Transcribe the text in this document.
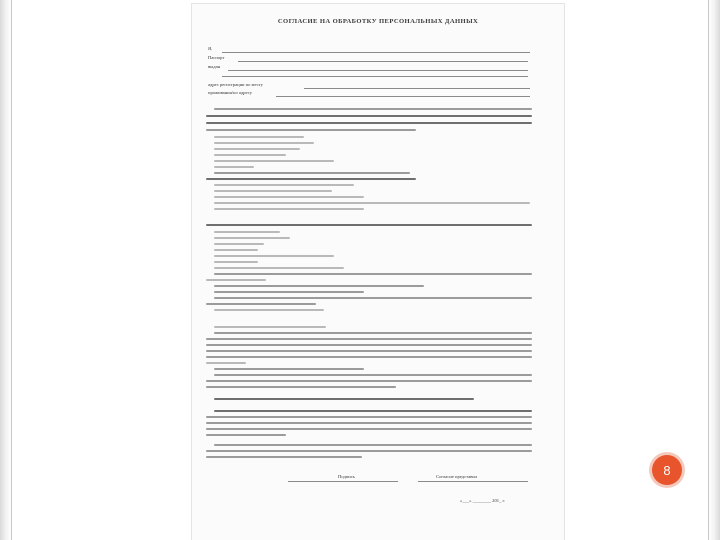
СОГЛАСИЕ НА ОБРАБОТКУ ПЕРСОНАЛЬНЫХ ДАННЫХ
Я,
Паспорт
выдан
адрес регистрации по месту
проживания/по адресу
Подпись	Согласие представил
«___» ________ 201_ г.
8
